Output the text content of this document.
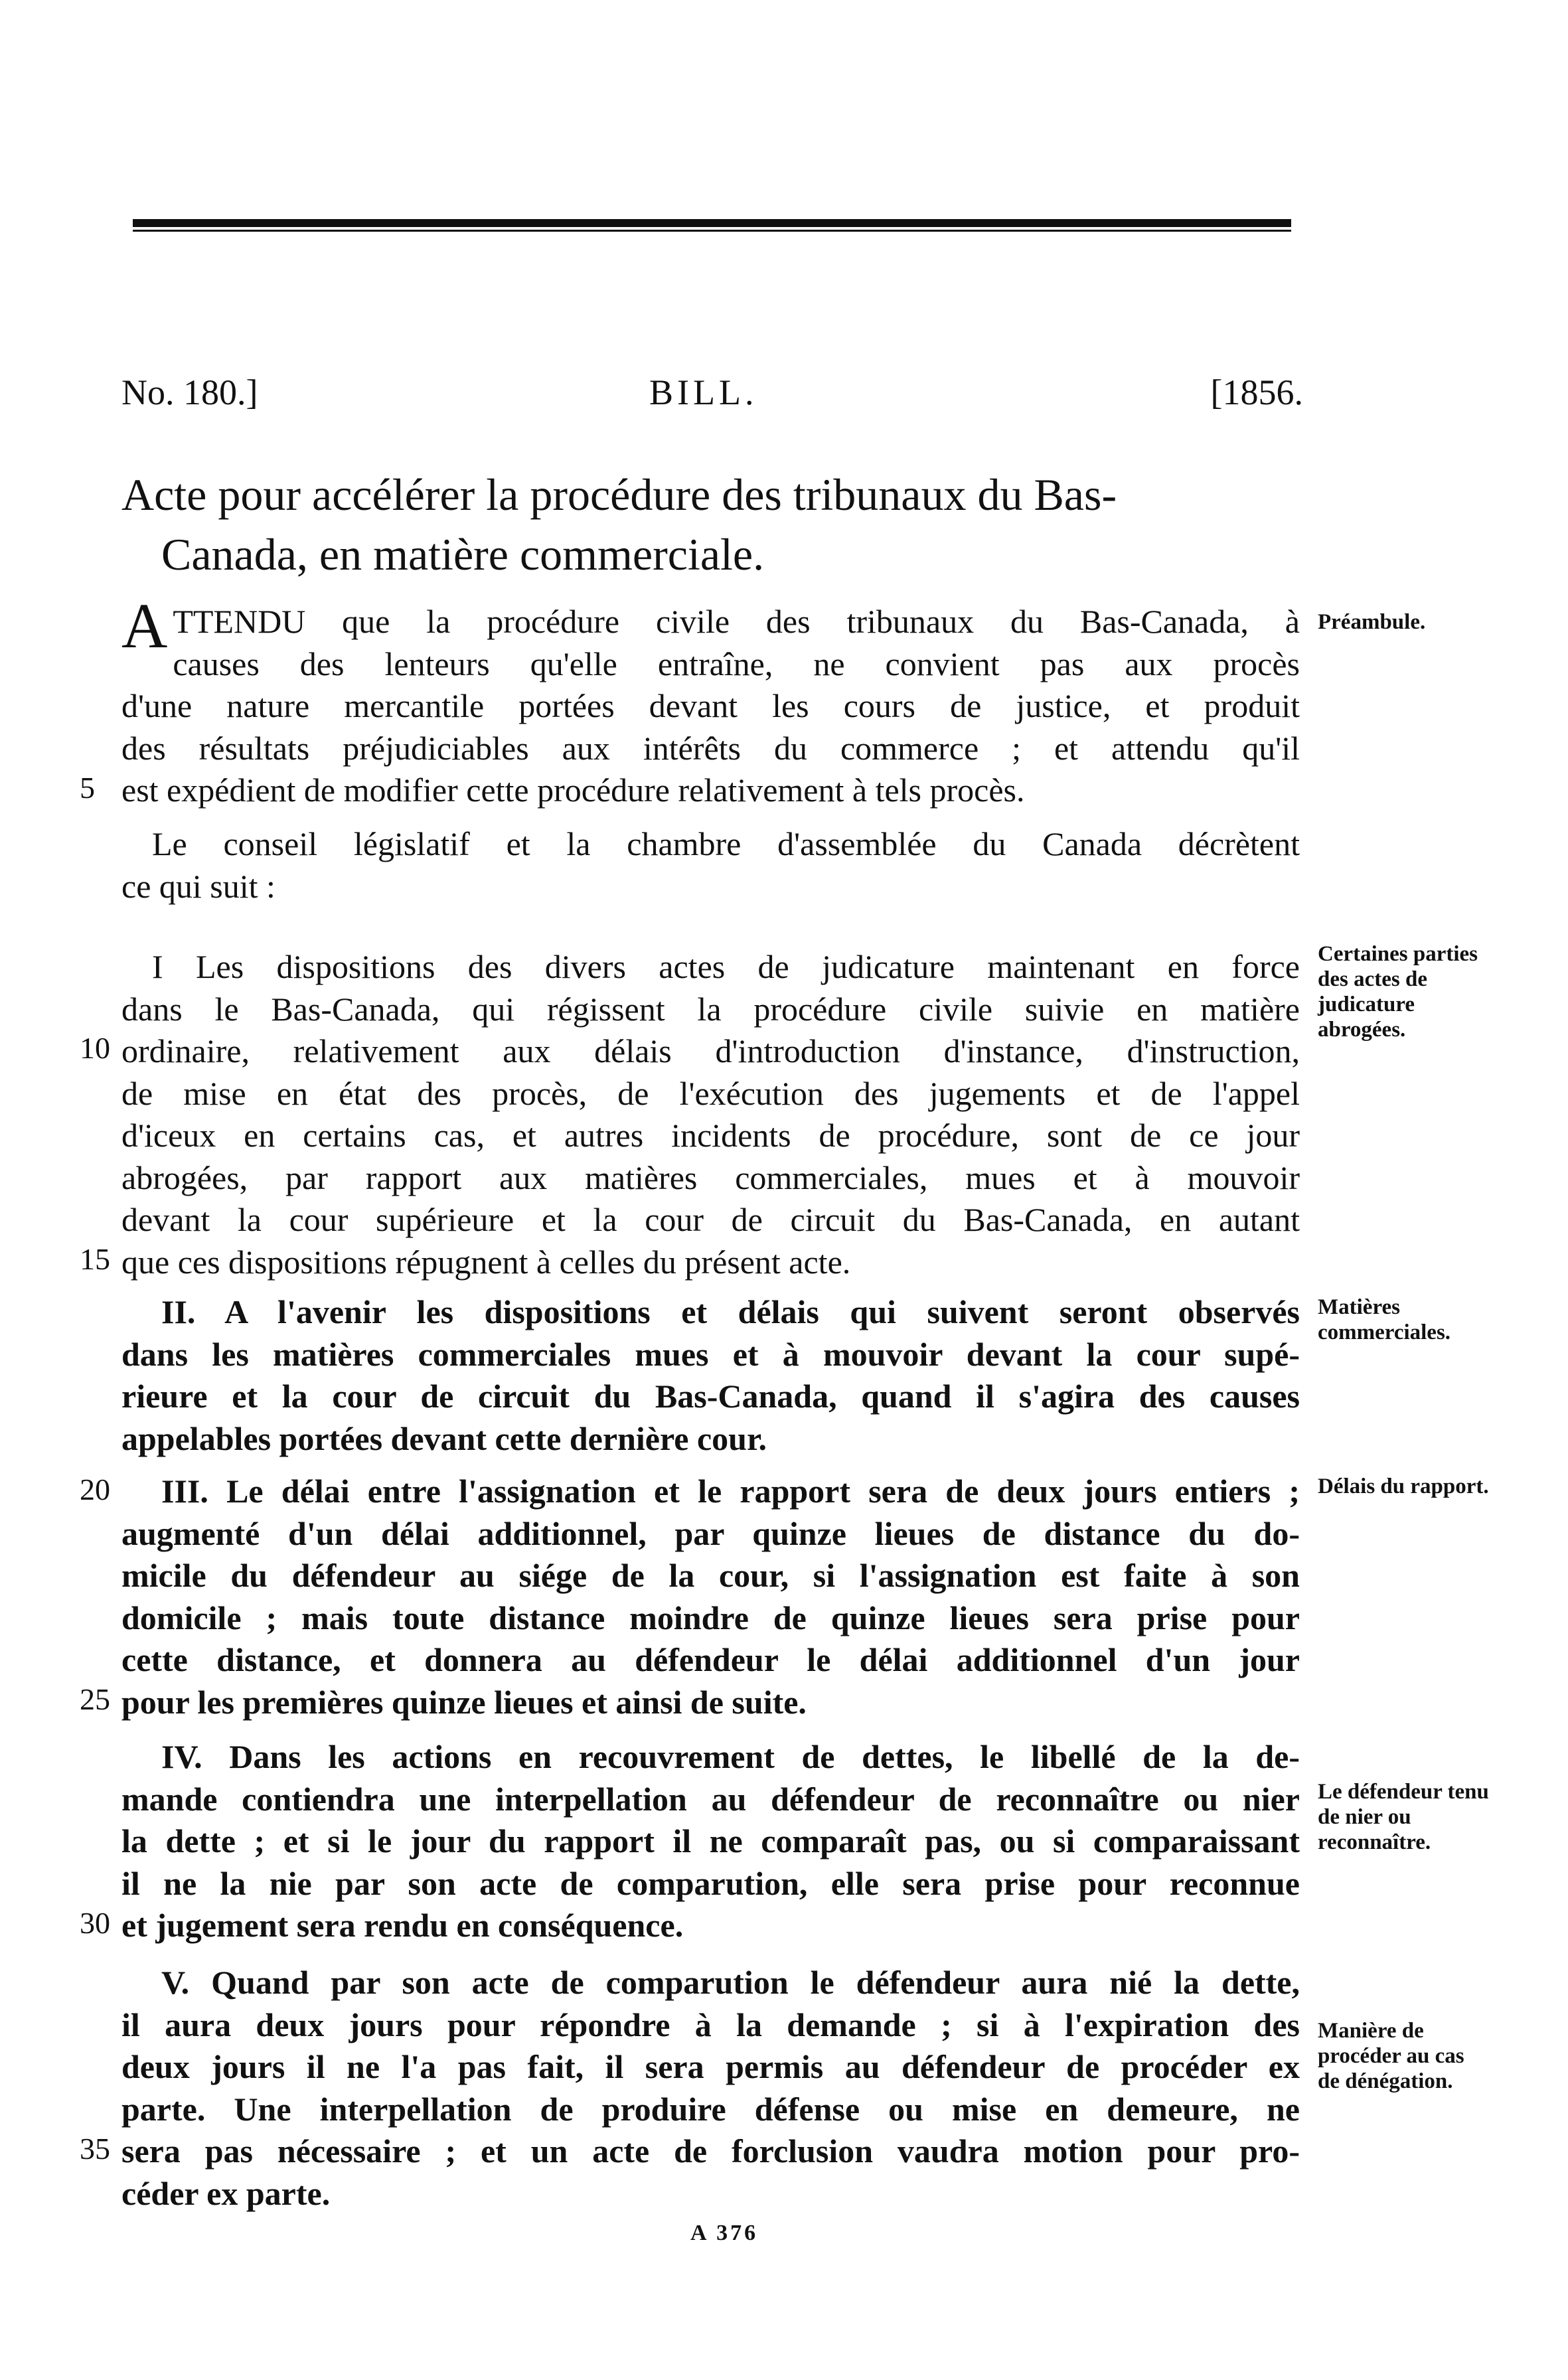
No. 180.]	BILL.	[1856.
Acte pour accélérer la procédure des tribunaux du Bas-
Canada, en matière commerciale.
A TTENDU que la procédure civile des tribunaux du Bas-Canada, à
causes des lenteurs qu'elle entraîne, ne convient pas aux procès
d'une nature mercantile portées devant les cours de justice, et produit
des résultats préjudiciables aux intérêts du commerce ; et attendu qu'il
est expédient de modifier cette procédure relativement à tels procès.
Le conseil législatif et la chambre d'assemblée du Canada décrètent
ce qui suit :
I Les dispositions des divers actes de judicature maintenant en force
dans le Bas-Canada, qui régissent la procédure civile suivie en matière
ordinaire, relativement aux délais d'introduction d'instance, d'instruction,
de mise en état des procès, de l'exécution des jugements et de l'appel
d'iceux en certains cas, et autres incidents de procédure, sont de ce jour
abrogées, par rapport aux matières commerciales, mues et à mouvoir
devant la cour supérieure et la cour de circuit du Bas-Canada, en autant
que ces dispositions répugnent à celles du présent acte.
II. A l'avenir les dispositions et délais qui suivent seront observés
dans les matières commerciales mues et à mouvoir devant la cour supé-
rieure et la cour de circuit du Bas-Canada, quand il s'agira des causes
appelables portées devant cette dernière cour.
III. Le délai entre l'assignation et le rapport sera de deux jours entiers ;
augmenté d'un délai additionnel, par quinze lieues de distance du do-
micile du défendeur au siége de la cour, si l'assignation est faite à son
domicile ; mais toute distance moindre de quinze lieues sera prise pour
cette distance, et donnera au défendeur le délai additionnel d'un jour
pour les premières quinze lieues et ainsi de suite.
IV. Dans les actions en recouvrement de dettes, le libellé de la de-
mande contiendra une interpellation au défendeur de reconnaître ou nier
la dette ; et si le jour du rapport il ne comparaît pas, ou si comparaissant
il ne la nie par son acte de comparution, elle sera prise pour reconnue
et jugement sera rendu en conséquence.
V. Quand par son acte de comparution le défendeur aura nié la dette,
il aura deux jours pour répondre à la demande ; si à l'expiration des
deux jours il ne l'a pas fait, il sera permis au défendeur de procéder ex
parte. Une interpellation de produire défense ou mise en demeure, ne
sera pas nécessaire ; et un acte de forclusion vaudra motion pour pro-
céder ex parte.
5
10
15
20
25
30
35
Préambule.
Certaines parties des actes de judicature abrogées.
Matières commerciales.
Délais du rapport.
Le défendeur tenu de nier ou reconnaître.
Manière de procéder au cas de dénégation.
A 376
